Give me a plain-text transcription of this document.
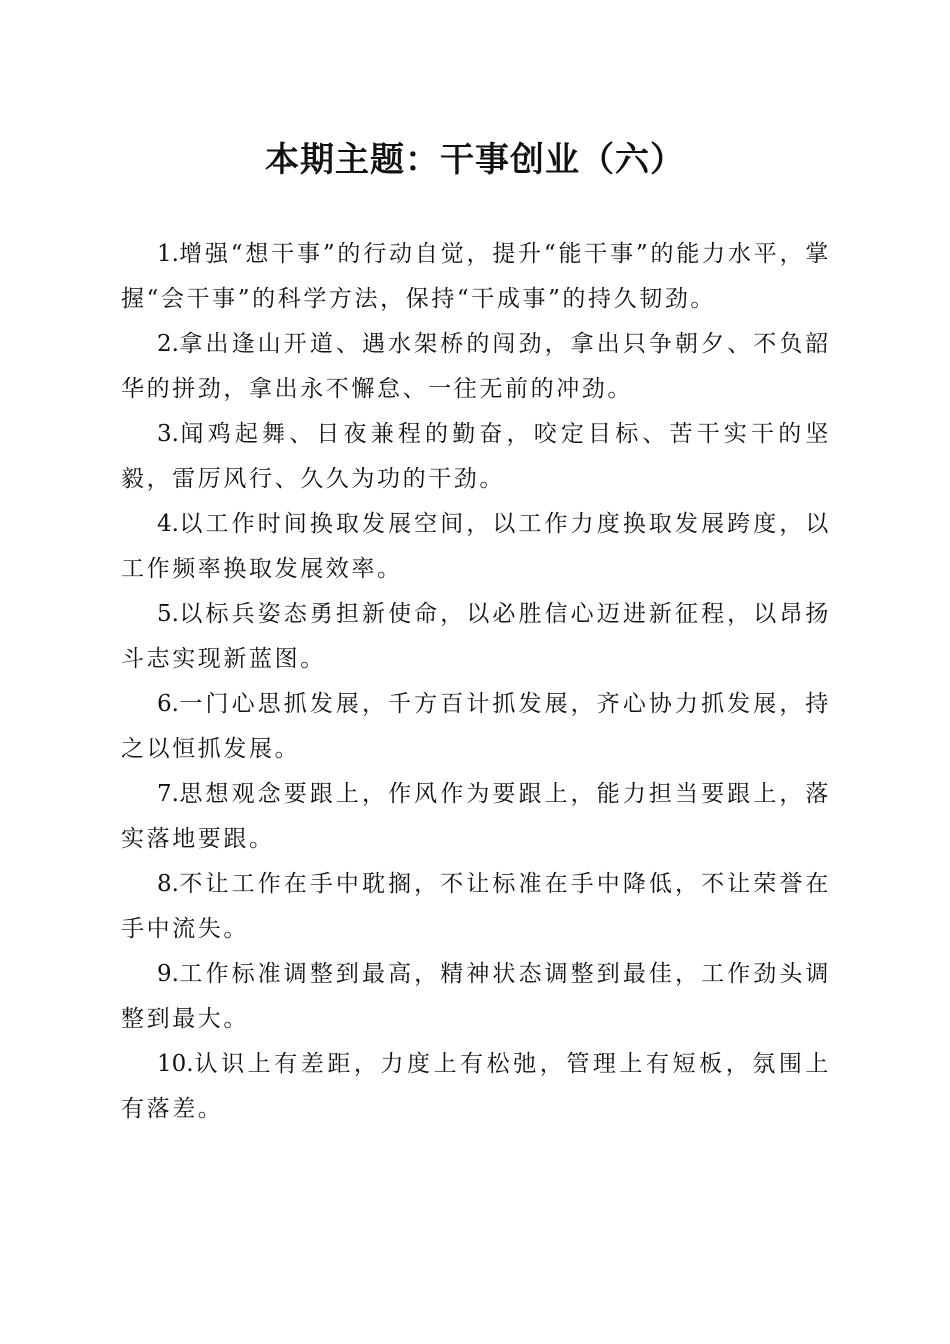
本期主题：干事创业（六）

1.增强“想干事”的行动自觉，提升“能干事”的能力水平，掌握“会干事”的科学方法，保持“干成事”的持久韧劲。

2.拿出逢山开道、遇水架桥的闯劲，拿出只争朝夕、不负韶华的拼劲，拿出永不懈怠、一往无前的冲劲。

3.闻鸡起舞、日夜兼程的勤奋，咬定目标、苦干实干的坚毅，雷厉风行、久久为功的干劲。

4.以工作时间换取发展空间，以工作力度换取发展跨度，以工作频率换取发展效率。

5.以标兵姿态勇担新使命，以必胜信心迈进新征程，以昂扬斗志实现新蓝图。

6.一门心思抓发展，千方百计抓发展，齐心协力抓发展，持之以恒抓发展。

7.思想观念要跟上，作风作为要跟上，能力担当要跟上，落实落地要跟。

8.不让工作在手中耽搁，不让标准在手中降低，不让荣誉在手中流失。

9.工作标准调整到最高，精神状态调整到最佳，工作劲头调整到最大。

10.认识上有差距，力度上有松弛，管理上有短板，氛围上有落差。
